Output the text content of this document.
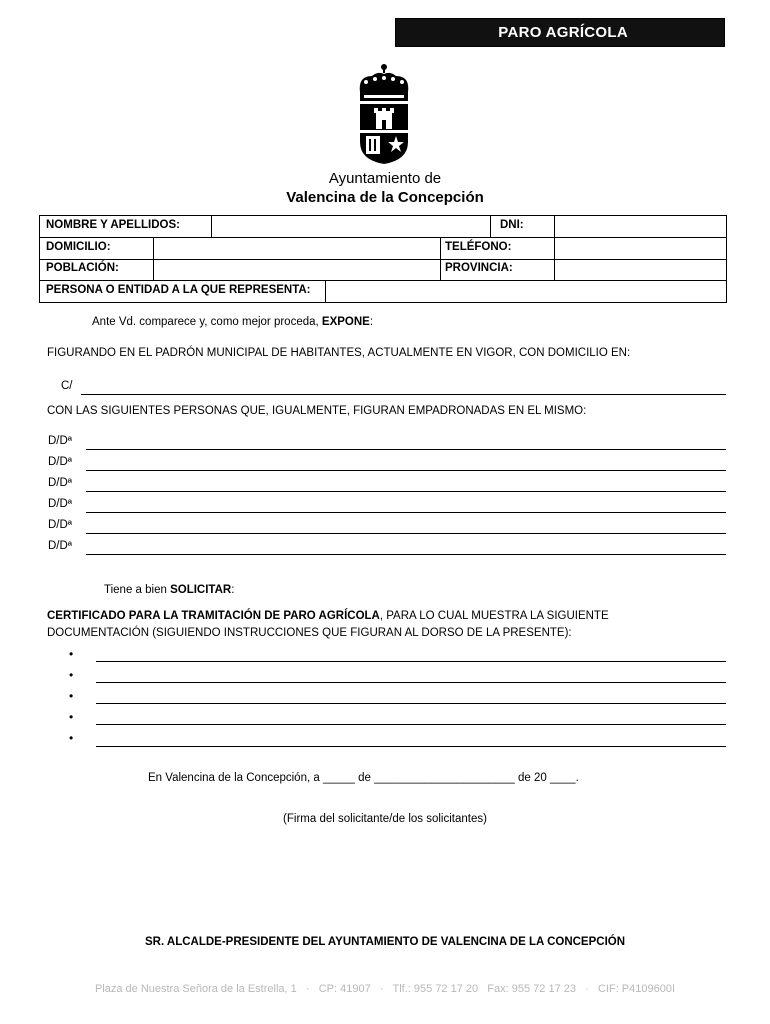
PARO AGRÍCOLA
Ayuntamiento de
Valencina de la Concepción
NOMBRE Y APELLIDOS:	DNI:
DOMICILIO:	TELÉFONO:
POBLACIÓN:	PROVINCIA:
PERSONA O ENTIDAD A LA QUE REPRESENTA:
Ante Vd. comparece y, como mejor proceda, EXPONE:
FIGURANDO EN EL PADRÓN MUNICIPAL DE HABITANTES, ACTUALMENTE EN VIGOR, CON DOMICILIO EN:
C/
CON LAS SIGUIENTES PERSONAS QUE, IGUALMENTE, FIGURAN EMPADRONADAS EN EL MISMO:
D/Dª
D/Dª
D/Dª
D/Dª
D/Dª
D/Dª
Tiene a bien SOLICITAR:
CERTIFICADO PARA LA TRAMITACIÓN DE PARO AGRÍCOLA, PARA LO CUAL MUESTRA LA SIGUIENTE
DOCUMENTACIÓN (SIGUIENDO INSTRUCCIONES QUE FIGURAN AL DORSO DE LA PRESENTE):
•
•
•
•
•
En Valencina de la Concepción, a _____ de ______________________ de 20 ____.
(Firma del solicitante/de los solicitantes)
SR. ALCALDE-PRESIDENTE DEL AYUNTAMIENTO DE VALENCINA DE LA CONCEPCIÓN
Plaza de Nuestra Señora de la Estrella, 1   ·   CP: 41907   ·   Tlf.: 955 72 17 20   Fax: 955 72 17 23   ·   CIF: P4109600I
